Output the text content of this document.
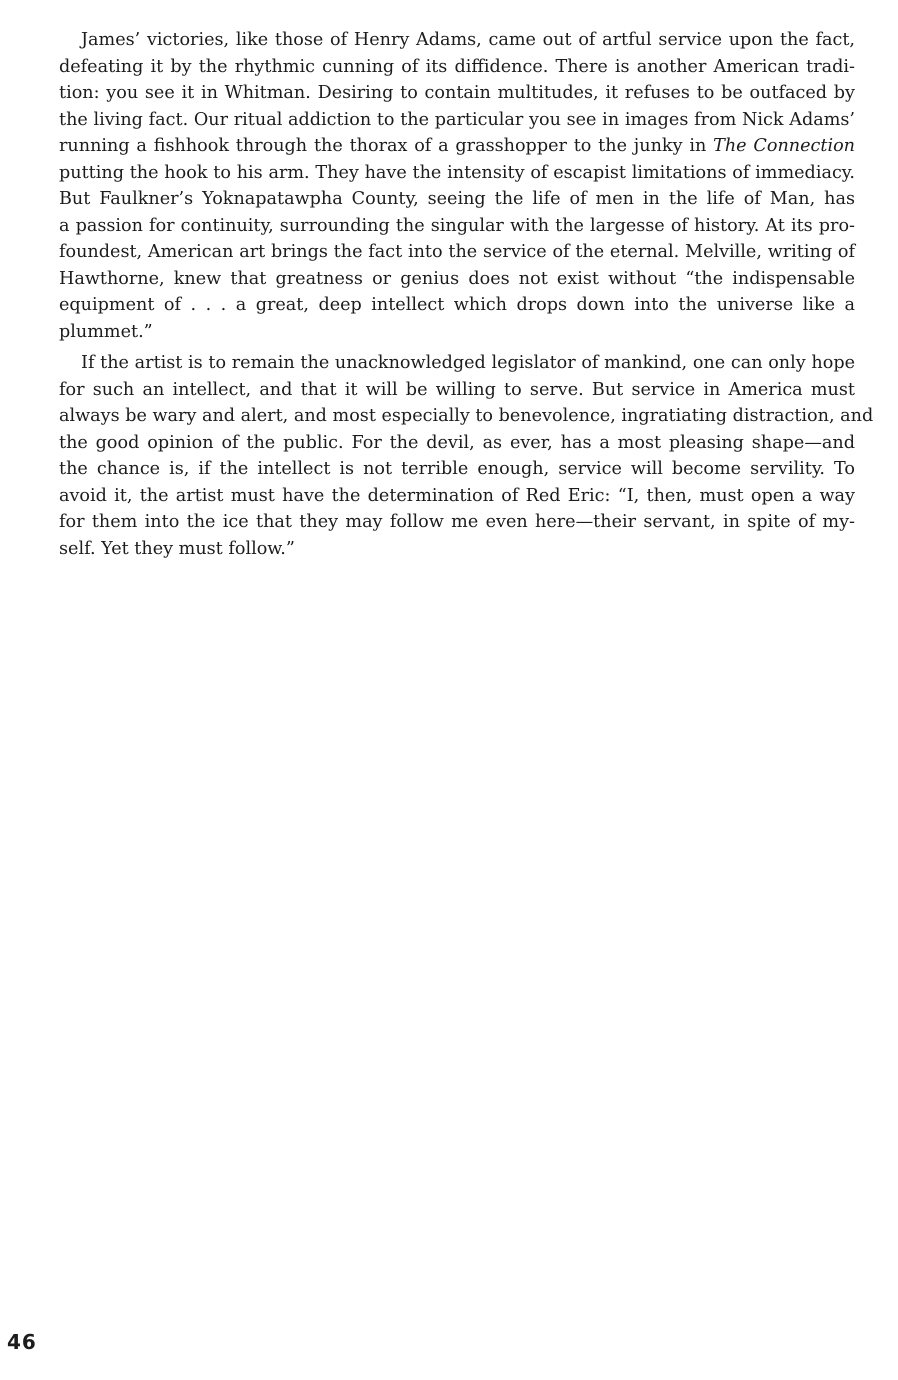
James’ victories, like those of Henry Adams, came out of artful service upon the fact,
defeating it by the rhythmic cunning of its diffidence. There is another American tradi-
tion: you see it in Whitman. Desiring to contain multitudes, it refuses to be outfaced by
the living fact. Our ritual addiction to the particular you see in images from Nick Adams’
running a fishhook through the thorax of a grasshopper to the junky in The Connection
putting the hook to his arm. They have the intensity of escapist limitations of immediacy.
But Faulkner’s Yoknapatawpha County, seeing the life of men in the life of Man, has
a passion for continuity, surrounding the singular with the largesse of history. At its pro-
foundest, American art brings the fact into the service of the eternal. Melville, writing of
Hawthorne, knew that greatness or genius does not exist without “the indispensable
equipment of . . . a great, deep intellect which drops down into the universe like a
plummet.”
If the artist is to remain the unacknowledged legislator of mankind, one can only hope
for such an intellect, and that it will be willing to serve. But service in America must
always be wary and alert, and most especially to benevolence, ingratiating distraction, and
the good opinion of the public. For the devil, as ever, has a most pleasing shape—and
the chance is, if the intellect is not terrible enough, service will become servility. To
avoid it, the artist must have the determination of Red Eric: “I, then, must open a way
for them into the ice that they may follow me even here—their servant, in spite of my-
self. Yet they must follow.”
46
